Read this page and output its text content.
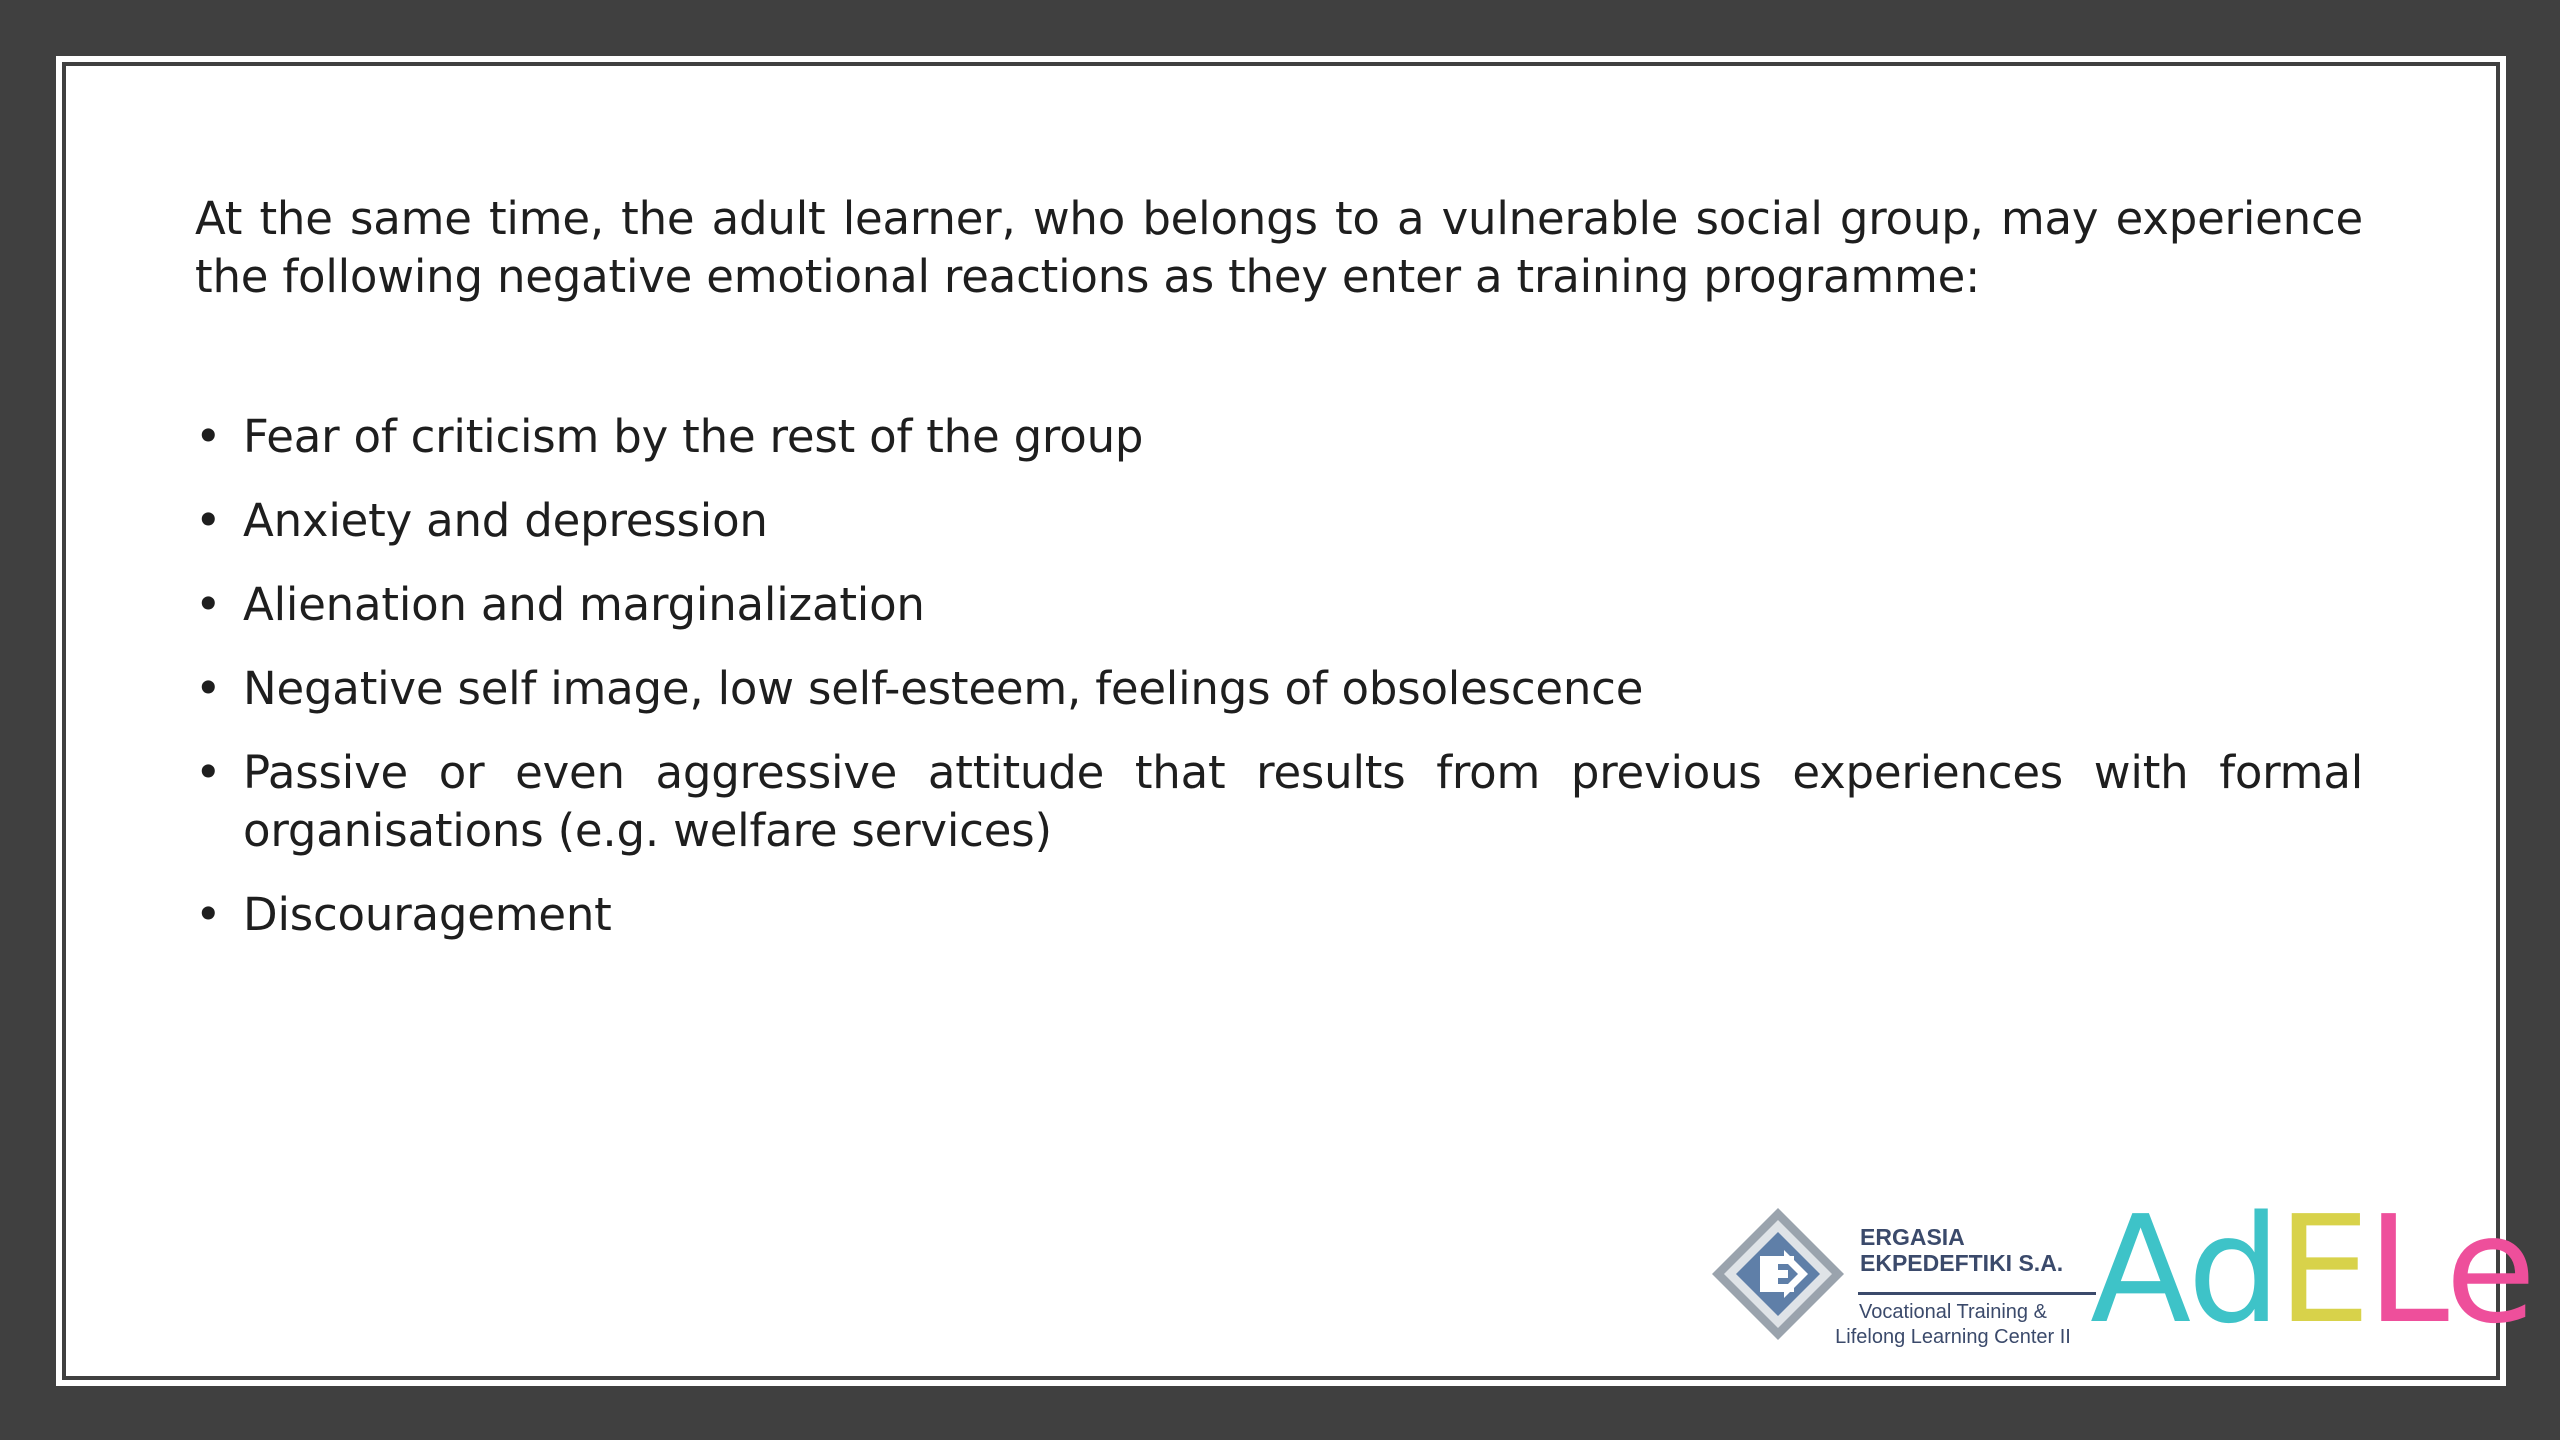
At the same time, the adult learner, who belongs to a vulnerable social group, may experience the following negative emotional reactions as they enter a training programme:

• Fear of criticism by the rest of the group
• Anxiety and depression
• Alienation and marginalization
• Negative self image, low self-esteem, feelings of obsolescence
• Passive or even aggressive attitude that results from previous experiences with formal organisations (e.g. welfare services)
• Discouragement
ERGASIA
EKPEDEFTIKI S.A.
Vocational Training &
Lifelong Learning Center II AdELe
